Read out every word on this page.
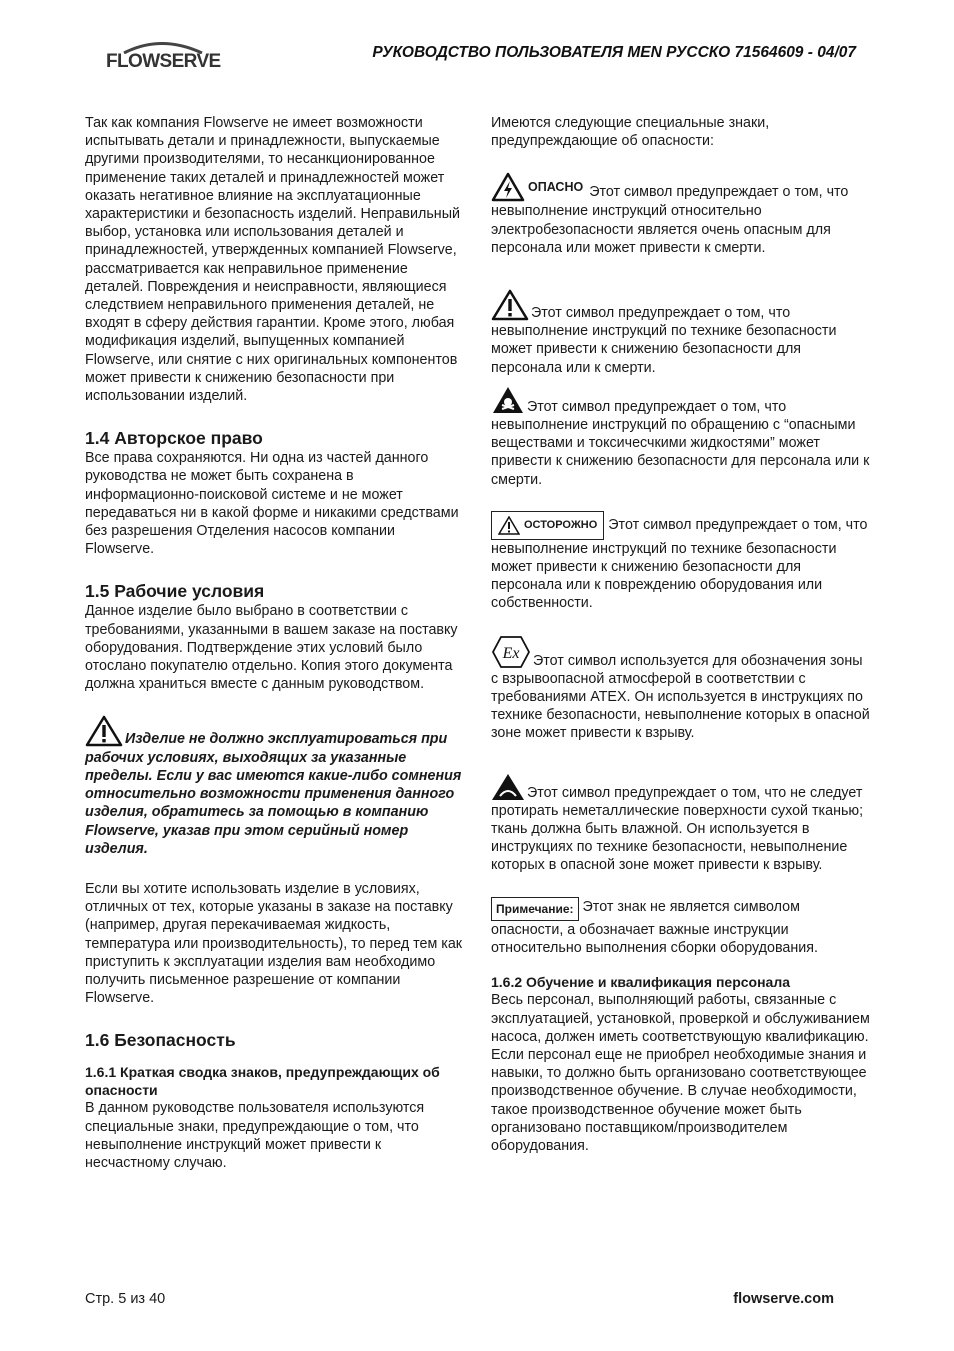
FLOWSERVE	РУКОВОДСТВО ПОЛЬЗОВАТЕЛЯ MEN РУССКО 71564609 - 04/07

Так как компания Flowserve не имеет возможности испытывать детали и принадлежности, выпускаемые другими производителями, то несанкционированное применение таких деталей и принадлежностей может оказать негативное влияние на эксплуатационные характеристики и безопасность изделий. Неправильный выбор, установка или использования деталей и принадлежностей, утвержденных компанией Flowserve, рассматривается как неправильное применение деталей. Повреждения и неисправности, являющиеся следствием неправильного применения деталей, не входят в сферу действия гарантии. Кроме этого, любая модификация изделий, выпущенных компанией Flowserve, или снятие с них оригинальных компонентов может привести к снижению безопасности при использовании изделий.

1.4 Авторское право

Все права сохраняются. Ни одна из частей данного руководства не может быть сохранена в информационно-поисковой системе и не может передаваться ни в какой форме и никакими средствами без разрешения Отделения насосов компании Flowserve.

1.5 Рабочие условия

Данное изделие было выбрано в соответствии с требованиями, указанными в вашем заказе на поставку оборудования. Подтверждение этих условий было отослано покупателю отдельно. Копия этого документа должна храниться вместе с данным руководством.

Изделие не должно эксплуатироваться при рабочих условиях, выходящих за указанные пределы. Если у вас имеются какие-либо сомнения относительно возможности применения данного изделия, обратитесь за помощью в компанию Flowserve, указав при этом серийный номер изделия.

Если вы хотите использовать изделие в условиях, отличных от тех, которые указаны в заказе на поставку (например, другая перекачиваемая жидкость, температура или производительность), то перед тем как приступить к эксплуатации изделия вам необходимо получить письменное разрешение от компании Flowserve.

1.6 Безопасность
1.6.1 Краткая сводка знаков, предупреждающих об опасности

В данном руководстве пользователя используются специальные знаки, предупреждающие о том, что невыполнение инструкций может привести к несчастному случаю.

Имеются следующие специальные знаки, предупреждающие об опасности:

ОПАСНО Этот символ предупреждает о том, что невыполнение инструкций относительно электробезопасности является очень опасным для персонала или может привести к смерти.

Этот символ предупреждает о том, что невыполнение инструкций по технике безопасности может привести к снижению безопасности для персонала или к смерти.

Этот символ предупреждает о том, что невыполнение инструкций по обращению с “опасными веществами и токсичесчкими жидкостями” может привести к снижению безопасности для персонала или к смерти.

ОСТОРОЖНО Этот символ предупреждает о том, что невыполнение инструкций по технике безопасности может привести к снижению безопасности для персонала или к повреждению оборудования или собственности.

Ex Этот символ используется для обозначения зоны с взрывоопасной атмосферой в соответствии с требованиями ATEX. Он используется в инструкциях по технике безопасности, невыполнение которых в опасной зоне может привести к взрыву.

Этот символ предупреждает о том, что не следует протирать неметаллические поверхности сухой тканью; ткань должна быть влажной. Он используется в инструкциях по технике безопасности, невыполнение которых в опасной зоне может привести к взрыву.

Примечание: Этот знак не является символом опасности, а обозначает важные инструкции относительно выполнения сборки оборудования.

1.6.2 Обучение и квалификация персонала

Весь персонал, выполняющий работы, связанные с эксплуатацией, установкой, проверкой и обслуживанием насоса, должен иметь соответствующую квалификацию. Если персонал еще не приобрел необходимые знания и навыки, то должно быть организовано соответствующее производственное обучение. В случае необходимости, такое производственное обучение может быть организовано поставщиком/производителем оборудования.

Стр. 5 из 40	flowserve.com
